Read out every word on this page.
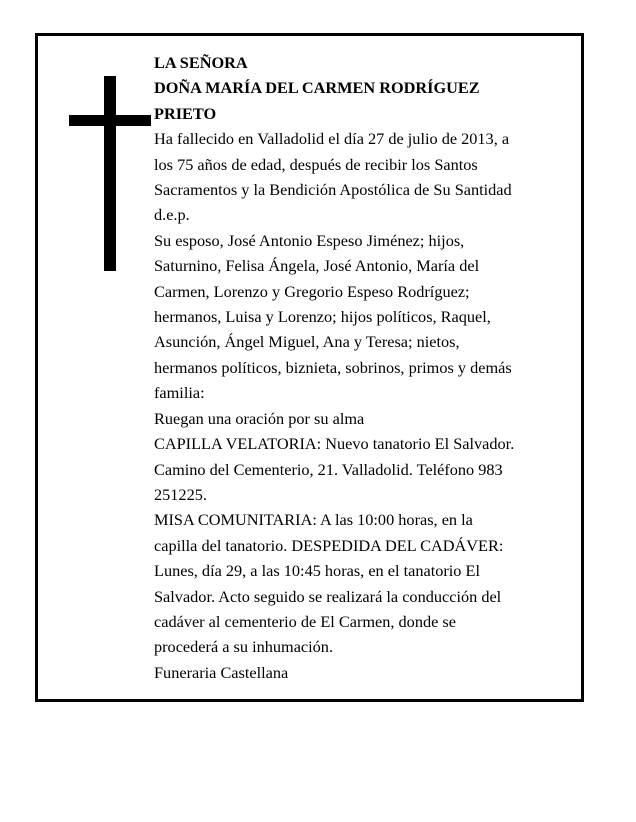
LA SEÑORA
DOÑA MARÍA DEL CARMEN RODRÍGUEZ
PRIETO
Ha fallecido en Valladolid el día 27 de julio de 2013, a
los 75 años de edad, después de recibir los Santos
Sacramentos y la Bendición Apostólica de Su Santidad
d.e.p.
Su esposo, José Antonio Espeso Jiménez; hijos,
Saturnino, Felisa Ángela, José Antonio, María del
Carmen, Lorenzo y Gregorio Espeso Rodríguez;
hermanos, Luisa y Lorenzo; hijos políticos, Raquel,
Asunción, Ángel Miguel, Ana y Teresa; nietos,
hermanos políticos, biznieta, sobrinos, primos y demás
familia:
Ruegan una oración por su alma
CAPILLA VELATORIA: Nuevo tanatorio El Salvador.
Camino del Cementerio, 21. Valladolid. Teléfono 983
251225.
MISA COMUNITARIA: A las 10:00 horas, en la
capilla del tanatorio. DESPEDIDA DEL CADÁVER:
Lunes, día 29, a las 10:45 horas, en el tanatorio El
Salvador. Acto seguido se realizará la conducción del
cadáver al cementerio de El Carmen, donde se
procederá a su inhumación.
Funeraria Castellana
